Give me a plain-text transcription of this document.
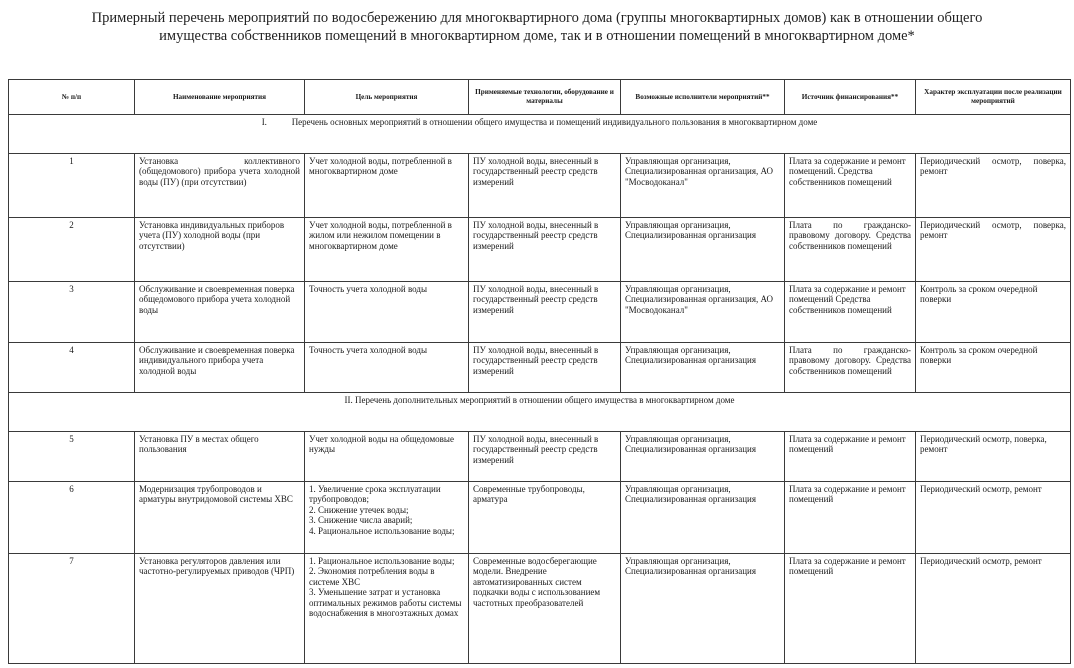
Примерный перечень мероприятий по водосбережению для многоквартирного дома (группы многоквартирных домов) как в отношении общего
имущества собственников помещений в многоквартирном доме, так и в отношении помещений в многоквартирном доме*
№ п/п	Наименование мероприятия	Цель мероприятия	Применяемые технологии, оборудование и материалы	Возможные исполнители мероприятий**	Источник финансирования**	Характер эксплуатации после реализации мероприятий
I. Перечень основных мероприятий в отношении общего имущества и помещений индивидуального пользования в многоквартирном доме						
1	Установка коллективного (общедомового) прибора учета холодной воды (ПУ) (при отсутствии)	Учет холодной воды, потребленной в многоквартирном доме	ПУ холодной воды, внесенный в государственный реестр средств измерений	Управляющая организация, Специализированная организация, АО "Мосводоканал"	Плата за содержание и ремонт помещений. Средства собственников помещений	Периодический осмотр, поверка, ремонт
2	Установка индивидуальных приборов учета (ПУ) холодной воды (при отсутствии)	Учет холодной воды, потребленной в жилом или нежилом помещении в многоквартирном доме	ПУ холодной воды, внесенный в государственный реестр средств измерений	Управляющая организация, Специализированная организация	Плата по гражданско-правовому договору. Средства собственников помещений	Периодический осмотр, поверка, ремонт
3	Обслуживание и своевременная поверка общедомового прибора учета холодной воды	Точность учета холодной воды	ПУ холодной воды, внесенный в государственный реестр средств измерений	Управляющая организация, Специализированная организация, АО "Мосводоканал"	Плата за содержание и ремонт помещений Средства собственников помещений	Контроль за сроком очередной поверки
4	Обслуживание и своевременная поверка индивидуального прибора учета холодной воды	Точность учета холодной воды	ПУ холодной воды, внесенный в государственный реестр средств измерений	Управляющая организация, Специализированная организация	Плата по гражданско-правовому договору. Средства собственников помещений	Контроль за сроком очередной поверки
II. Перечень дополнительных мероприятий в отношении общего имущества в многоквартирном доме						
5	Установка ПУ в местах общего пользования	Учет холодной воды на общедомовые нужды	ПУ холодной воды, внесенный в государственный реестр средств измерений	Управляющая организация, Специализированная организация	Плата за содержание и ремонт помещений	Периодический осмотр, поверка, ремонт
6	Модернизация трубопроводов и арматуры внутридомовой системы ХВС	1. Увеличение срока эксплуатации трубопроводов;
2. Снижение утечек воды;
3. Снижение числа аварий;
4. Рациональное использование воды;	Современные трубопроводы, арматура	Управляющая организация, Специализированная организация	Плата за содержание и ремонт помещений	Периодический осмотр, ремонт
7	Установка регуляторов давления или частотно-регулируемых приводов (ЧРП)	1. Рациональное использование воды;
2. Экономия потребления воды в системе ХВС
3. Уменьшение затрат и установка оптимальных режимов работы системы водоснабжения в многоэтажных домах	Современные водосберегающие модели. Внедрение автоматизированных систем подкачки воды с использованием частотных преобразователей	Управляющая организация, Специализированная организация	Плата за содержание и ремонт помещений	Периодический осмотр, ремонт
